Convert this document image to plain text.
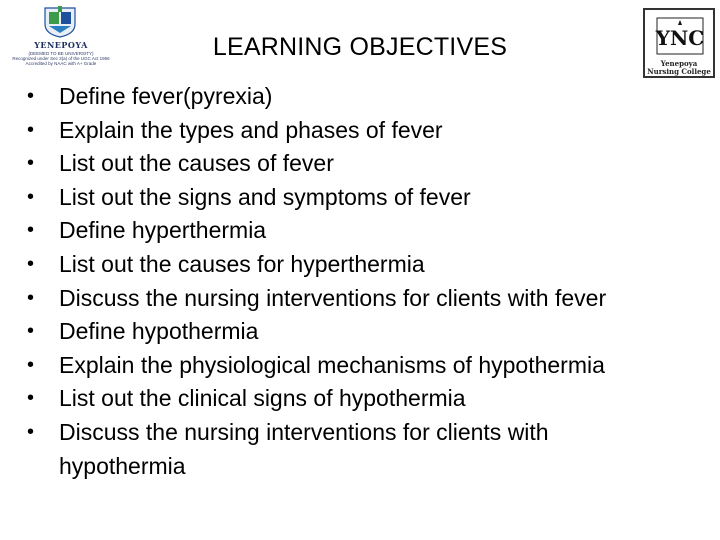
YENEPOYA
(DEEMED TO BE UNIVERSITY)
Recognized under Sec 3(a) of the UGC Act 1956
Accredited by NAAC with A+ Grade
YNC
Yenepoya
Nursing College
LEARNING OBJECTIVES
• Define fever(pyrexia)
• Explain the types and phases of fever
• List out the causes of fever
• List out the signs and symptoms of fever
• Define hyperthermia
• List out the causes for hyperthermia
• Discuss the nursing interventions for clients with fever
• Define hypothermia
• Explain the physiological mechanisms of hypothermia
• List out the clinical signs of hypothermia
• Discuss the nursing interventions for clients with hypothermia
